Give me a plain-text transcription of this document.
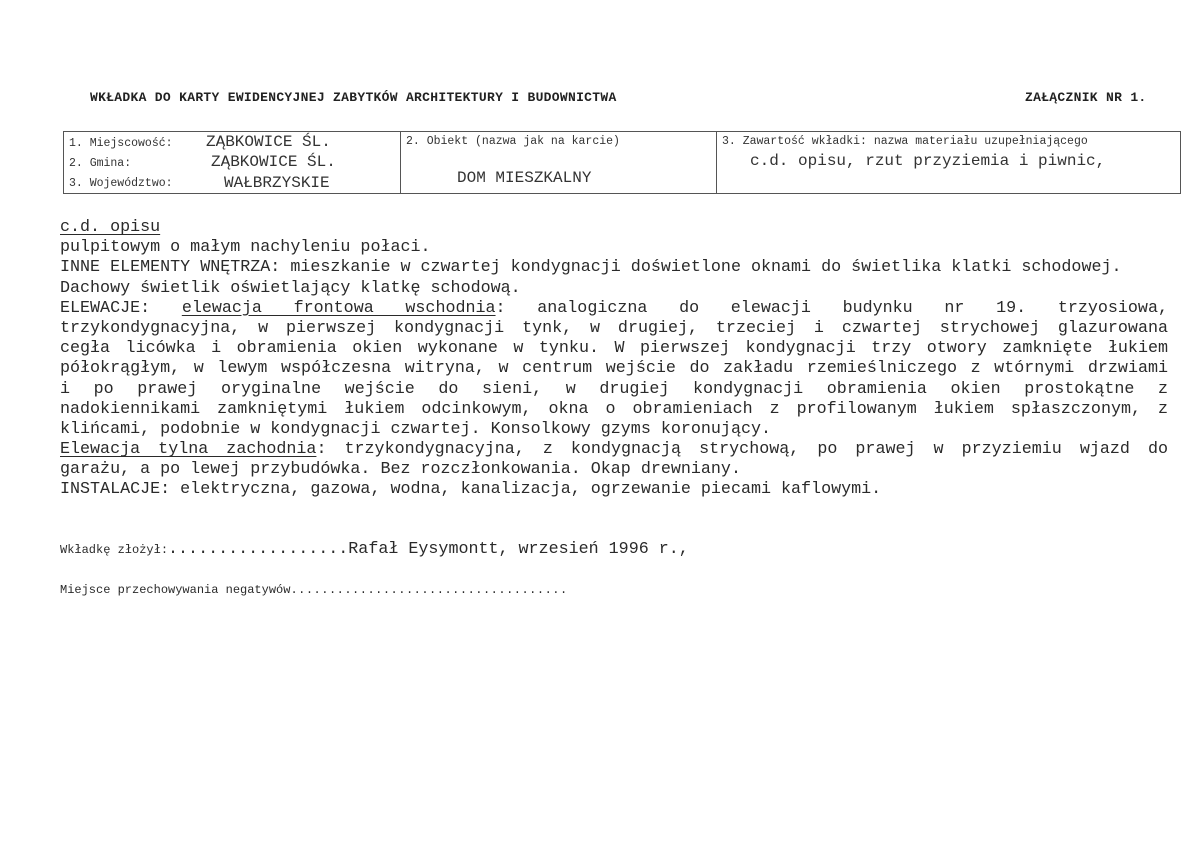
WKŁADKA DO KARTY EWIDENCYJNEJ ZABYTKÓW ARCHITEKTURY I BUDOWNICTWA	ZAŁĄCZNIK NR 1.
1. Miejscowość: ZĄBKOWICE ŚL.
2. Gmina:	ZĄBKOWICE ŚL.
3. Województwo:	WAŁBRZYSKIE
2. Obiekt (nazwa jak na karcie)
DOM MIESZKALNY
3. Zawartość wkładki: nazwa materiału uzupełniającego
c.d. opisu, rzut przyziemia i piwnic,
c.d. opisu
pulpitowym o małym nachyleniu połaci.
INNE ELEMENTY WNĘTRZA: mieszkanie w czwartej kondygnacji doświetlone oknami do świetlika klatki schodowej.
Dachowy świetlik oświetlający klatkę schodową.
ELEWACJE: elewacja frontowa wschodnia: analogiczna do elewacji budynku nr 19. trzyosiowa,
trzykondygnacyjna, w pierwszej kondygnacji tynk, w drugiej, trzeciej i czwartej strychowej glazurowana
cegła licówka i obramienia okien wykonane w tynku. W pierwszej kondygnacji trzy otwory zamknięte łukiem
półokrągłym, w lewym współczesna witryna, w centrum wejście do zakładu rzemieślniczego z wtórnymi drzwiami
i po prawej oryginalne wejście do sieni, w drugiej kondygnacji obramienia okien prostokątne z
nadokiennikami zamkniętymi łukiem odcinkowym, okna o obramieniach z profilowanym łukiem spłaszczonym, z
klińcami, podobnie w kondygnacji czwartej. Konsolkowy gzyms koronujący.
Elewacja tylna zachodnia: trzykondygnacyjna, z kondygnacją strychową, po prawej w przyziemiu wjazd do
garażu, a po lewej przybudówka. Bez rozczłonkowania. Okap drewniany.
INSTALACJE: elektryczna, gazowa, wodna, kanalizacja, ogrzewanie piecami kaflowymi.
Wkładkę złożył:..................Rafał Eysymontt, wrzesień 1996 r.,
Miejsce przechowywania negatywów....................................
